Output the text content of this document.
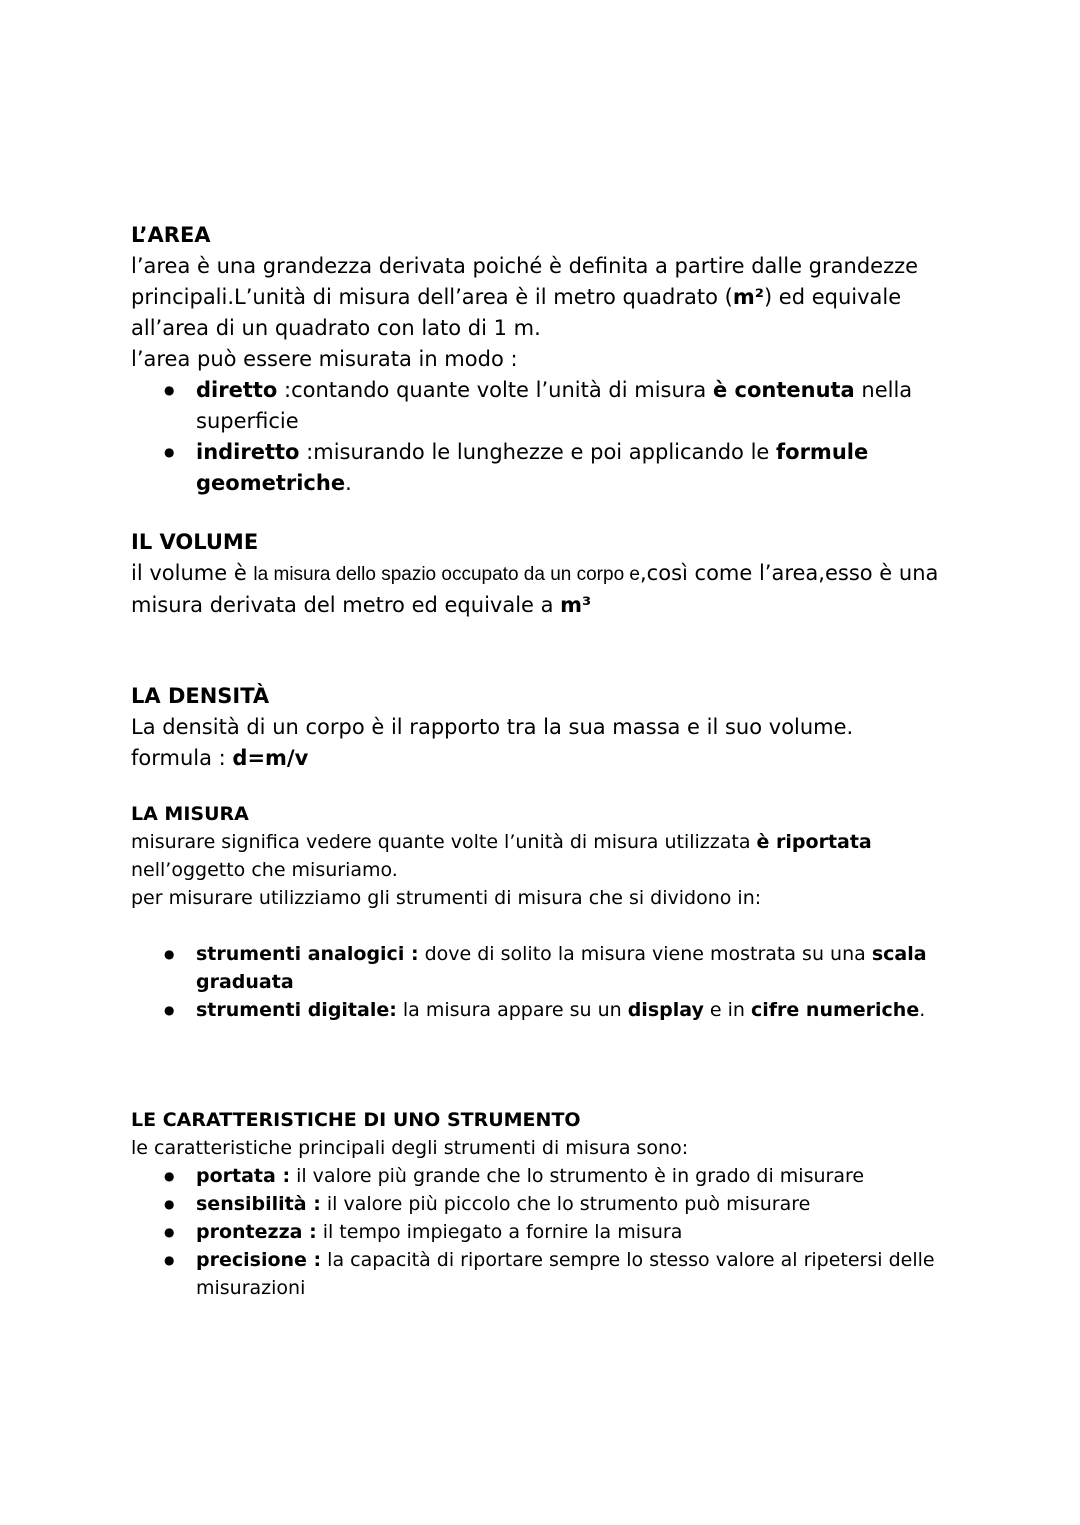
L’AREA

l’area è una grandezza derivata poiché è definita a partire dalle grandezze principali.L’unità di misura dell’area è il metro quadrato (m²) ed equivale all’area di un quadrato con lato di 1 m.

l’area può essere misurata in modo :

● diretto :contando quante volte l’unità di misura è contenuta nella superficie
● indiretto :misurando le lunghezze e poi applicando le formule geometriche.

IL VOLUME

il volume è la misura dello spazio occupato da un corpo e,così come l’area,esso è una misura derivata del metro ed equivale a m³

LA DENSITÀ

La densità di un corpo è il rapporto tra la sua massa e il suo volume.

formula : d=m/v

LA MISURA

misurare significa vedere quante volte l’unità di misura utilizzata è riportata nell’oggetto che misuriamo.

per misurare utilizziamo gli strumenti di misura che si dividono in:

● strumenti analogici : dove di solito la misura viene mostrata su una scala graduata
● strumenti digitale: la misura appare su un display e in cifre numeriche.

LE CARATTERISTICHE DI UNO STRUMENTO

le caratteristiche principali degli strumenti di misura sono:

● portata : il valore più grande che lo strumento è in grado di misurare
● sensibilità : il valore più piccolo che lo strumento può misurare
● prontezza : il tempo impiegato a fornire la misura
● precisione : la capacità di riportare sempre lo stesso valore al ripetersi delle misurazioni
